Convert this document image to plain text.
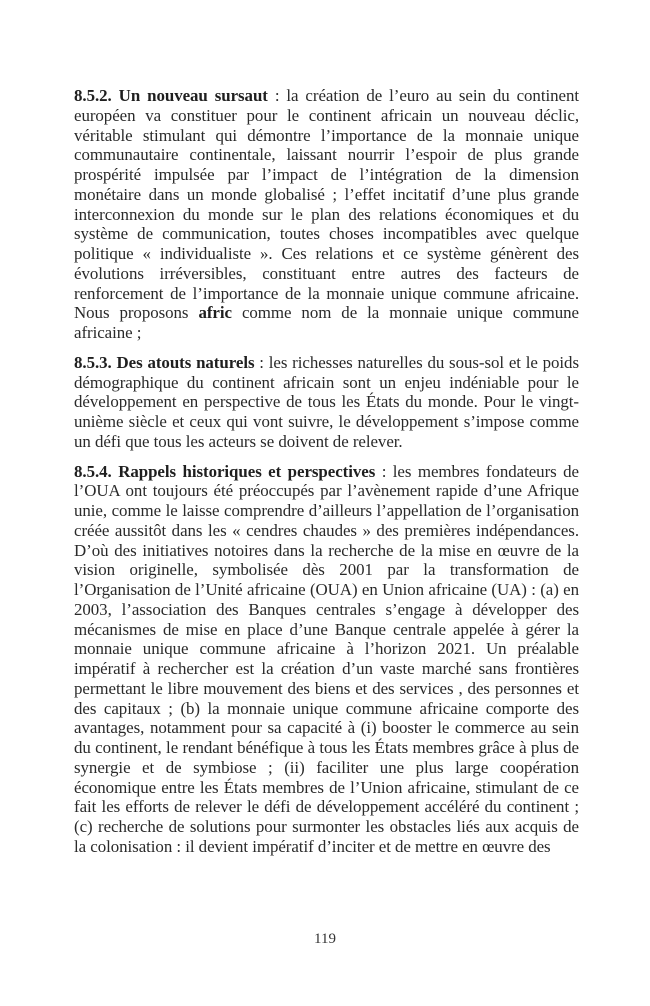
8.5.2. Un nouveau sursaut : la création de l’euro au sein du continent européen va constituer pour le continent africain un nouveau déclic, véritable stimulant qui démontre l’importance de la monnaie unique communautaire continentale, laissant nourrir l’espoir de plus grande prospérité impulsée par l’impact de l’intégration de la dimension monétaire dans un monde globalisé ; l’effet incitatif d’une plus grande interconnexion du monde sur le plan des relations économiques et du système de communication, toutes choses incompatibles avec quelque politique « individualiste ». Ces relations et ce système génèrent des évolutions irréversibles, constituant entre autres des facteurs de renforcement de l’importance de la monnaie unique commune africaine. Nous proposons afric comme nom de la monnaie unique commune africaine ;

8.5.3. Des atouts naturels : les richesses naturelles du sous-sol et le poids démographique du continent africain sont un enjeu indéniable pour le développement en perspective de tous les États du monde. Pour le vingt-unième siècle et ceux qui vont suivre, le développement s’impose comme un défi que tous les acteurs se doivent de relever.

8.5.4. Rappels historiques et perspectives : les membres fondateurs de l’OUA ont toujours été préoccupés par l’avènement rapide d’une Afrique unie, comme le laisse comprendre d’ailleurs l’appellation de l’organisation créée aussitôt dans les « cendres chaudes » des premières indépendances. D’où des initiatives notoires dans la recherche de la mise en œuvre de la vision originelle, symbolisée dès 2001 par la transformation de l’Organisation de l’Unité africaine (OUA) en Union africaine (UA) : (a) en 2003, l’association des Banques centrales s’engage à développer des mécanismes de mise en place d’une Banque centrale appelée à gérer la monnaie unique commune africaine à l’horizon 2021. Un préalable impératif à rechercher est la création d’un vaste marché sans frontières permettant le libre mouvement des biens et des services , des personnes et des capitaux ; (b) la monnaie unique commune africaine comporte des avantages, notamment pour sa capacité à (i) booster le commerce au sein du continent, le rendant bénéfique à tous les États membres grâce à plus de synergie et de symbiose ; (ii) faciliter une plus large coopération économique entre les États membres de l’Union africaine, stimulant de ce fait les efforts de relever le défi de développement accéléré du continent ; (c) recherche de solutions pour surmonter les obstacles liés aux acquis de la colonisation : il devient impératif d’inciter et de mettre en œuvre des

119
